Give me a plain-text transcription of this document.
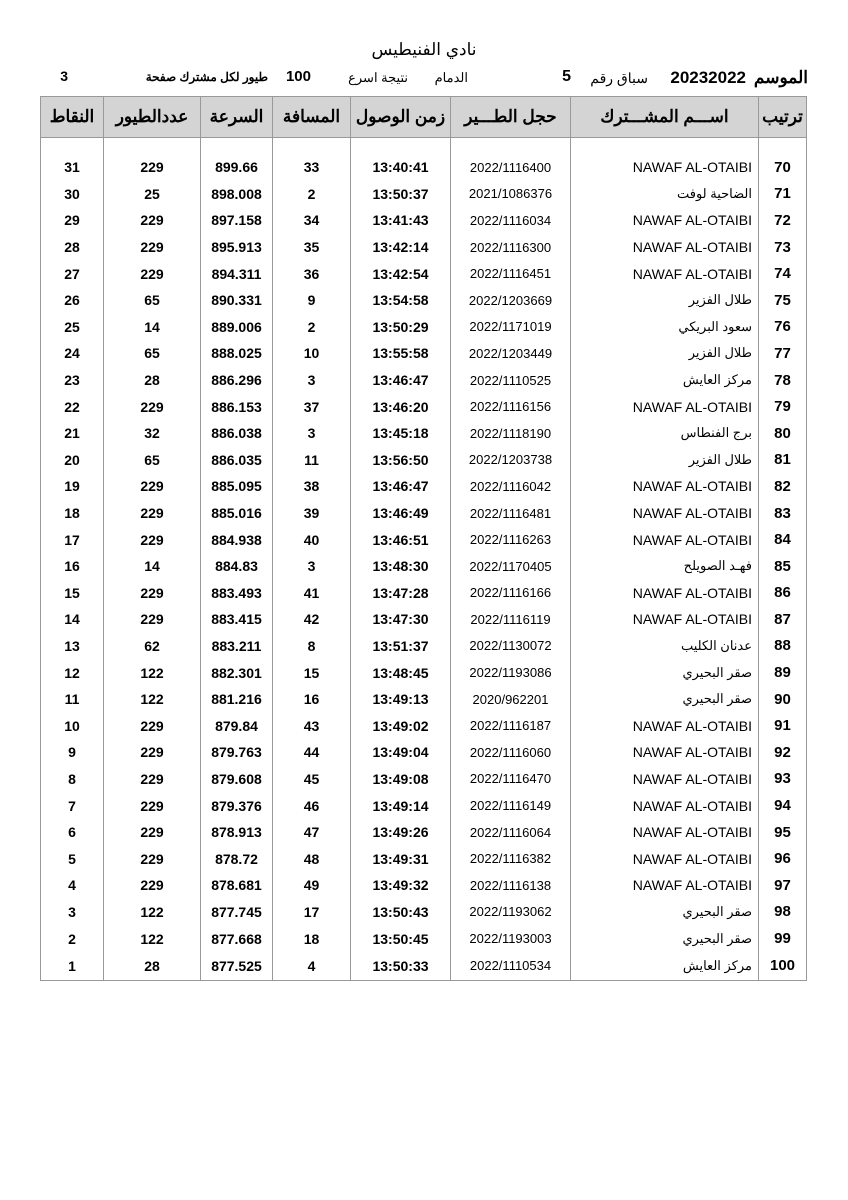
نادي الفنيطيس
الموسم
20232022
سباق رقم
5
الدمام
نتيجة اسرع
100
طيور لكل مشترك صفحة
3
ترتيب	اســـم المشـــترك	حجل الطـــير	زمن الوصول	المسافة	السرعة	عددالطيور	النقاط
70	NAWAF AL-OTAIBI	2022/1116400	13:40:41	33	899.66	229	31
71	الضاحية لوفت	2021/1086376	13:50:37	2	898.008	25	30
72	NAWAF AL-OTAIBI	2022/1116034	13:41:43	34	897.158	229	29
73	NAWAF AL-OTAIBI	2022/1116300	13:42:14	35	895.913	229	28
74	NAWAF AL-OTAIBI	2022/1116451	13:42:54	36	894.311	229	27
75	طلال الفزير	2022/1203669	13:54:58	9	890.331	65	26
76	سعود البريكي	2022/1171019	13:50:29	2	889.006	14	25
77	طلال الفزير	2022/1203449	13:55:58	10	888.025	65	24
78	مركز العايش	2022/1110525	13:46:47	3	886.296	28	23
79	NAWAF AL-OTAIBI	2022/1116156	13:46:20	37	886.153	229	22
80	برج الفنطاس	2022/1118190	13:45:18	3	886.038	32	21
81	طلال الفزير	2022/1203738	13:56:50	11	886.035	65	20
82	NAWAF AL-OTAIBI	2022/1116042	13:46:47	38	885.095	229	19
83	NAWAF AL-OTAIBI	2022/1116481	13:46:49	39	885.016	229	18
84	NAWAF AL-OTAIBI	2022/1116263	13:46:51	40	884.938	229	17
85	فهـد الصويلح	2022/1170405	13:48:30	3	884.83	14	16
86	NAWAF AL-OTAIBI	2022/1116166	13:47:28	41	883.493	229	15
87	NAWAF AL-OTAIBI	2022/1116119	13:47:30	42	883.415	229	14
88	عدنان الكليب	2022/1130072	13:51:37	8	883.211	62	13
89	صقر البحيري	2022/1193086	13:48:45	15	882.301	122	12
90	صقر البحيري	2020/962201	13:49:13	16	881.216	122	11
91	NAWAF AL-OTAIBI	2022/1116187	13:49:02	43	879.84	229	10
92	NAWAF AL-OTAIBI	2022/1116060	13:49:04	44	879.763	229	9
93	NAWAF AL-OTAIBI	2022/1116470	13:49:08	45	879.608	229	8
94	NAWAF AL-OTAIBI	2022/1116149	13:49:14	46	879.376	229	7
95	NAWAF AL-OTAIBI	2022/1116064	13:49:26	47	878.913	229	6
96	NAWAF AL-OTAIBI	2022/1116382	13:49:31	48	878.72	229	5
97	NAWAF AL-OTAIBI	2022/1116138	13:49:32	49	878.681	229	4
98	صقر البحيري	2022/1193062	13:50:43	17	877.745	122	3
99	صقر البحيري	2022/1193003	13:50:45	18	877.668	122	2
100	مركز العايش	2022/1110534	13:50:33	4	877.525	28	1
